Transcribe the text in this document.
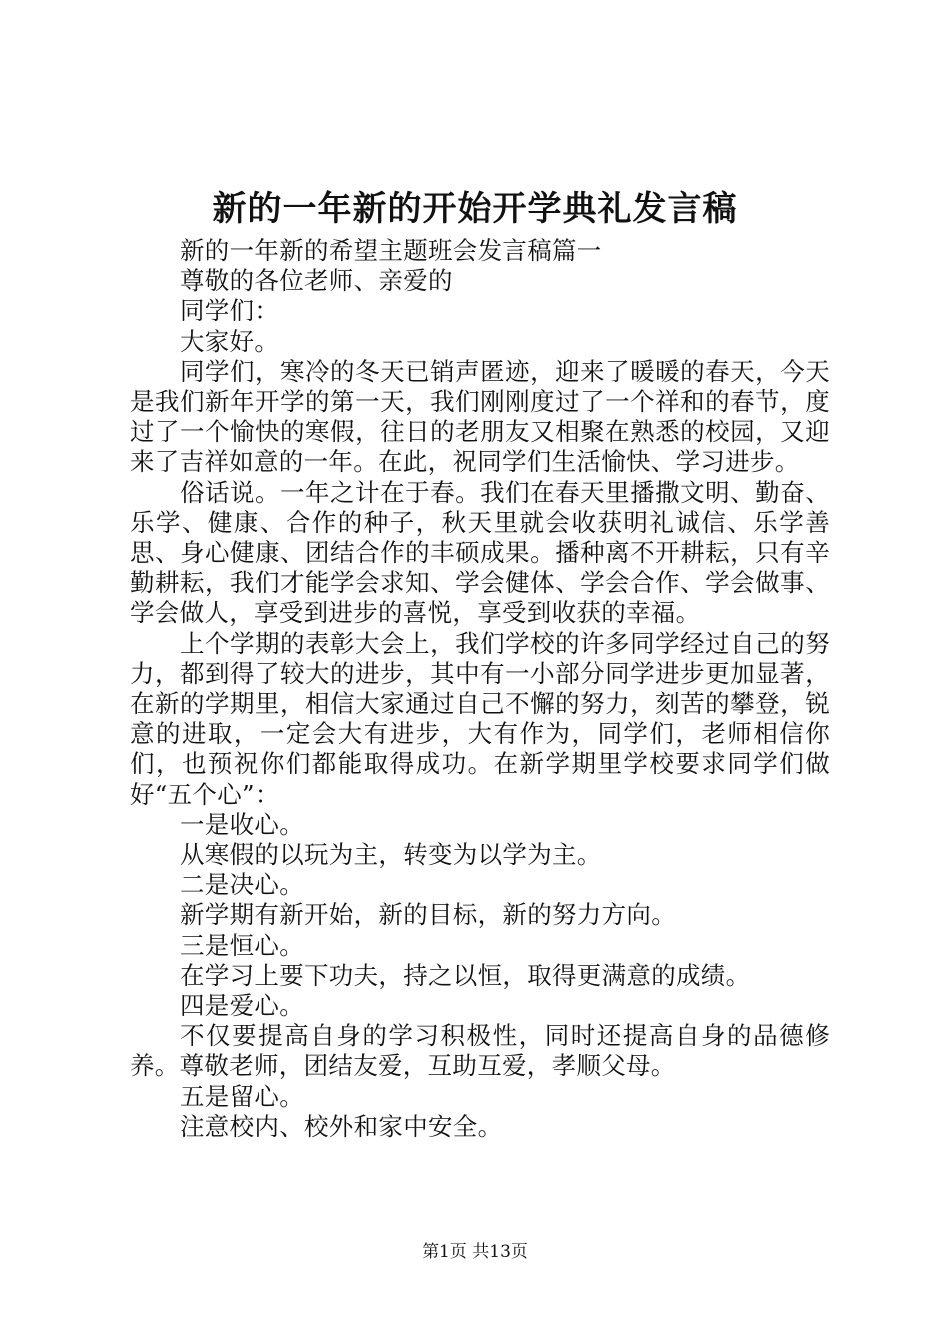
新的一年新的开始开学典礼发言稿

新的一年新的希望主题班会发言稿篇一

尊敬的各位老师、亲爱的

同学们：

大家好。

同学们，寒冷的冬天已销声匿迹，迎来了暖暖的春天，今天是我们新年开学的第一天，我们刚刚度过了一个祥和的春节，度过了一个愉快的寒假，往日的老朋友又相聚在熟悉的校园，又迎来了吉祥如意的一年。在此，祝同学们生活愉快、学习进步。

俗话说。一年之计在于春。我们在春天里播撒文明、勤奋、乐学、健康、合作的种子，秋天里就会收获明礼诚信、乐学善思、身心健康、团结合作的丰硕成果。播种离不开耕耘，只有辛勤耕耘，我们才能学会求知、学会健体、学会合作、学会做事、学会做人，享受到进步的喜悦，享受到收获的幸福。

上个学期的表彰大会上，我们学校的许多同学经过自己的努力，都到得了较大的进步，其中有一小部分同学进步更加显著，在新的学期里，相信大家通过自己不懈的努力，刻苦的攀登，锐意的进取，一定会大有进步，大有作为，同学们，老师相信你们，也预祝你们都能取得成功。在新学期里学校要求同学们做好“五个心”：

一是收心。

从寒假的以玩为主，转变为以学为主。

二是决心。

新学期有新开始，新的目标，新的努力方向。

三是恒心。

在学习上要下功夫，持之以恒，取得更满意的成绩。

四是爱心。

不仅要提高自身的学习积极性，同时还提高自身的品德修养。尊敬老师，团结友爱，互助互爱，孝顺父母。

五是留心。

注意校内、校外和家中安全。

第1页 共13页
